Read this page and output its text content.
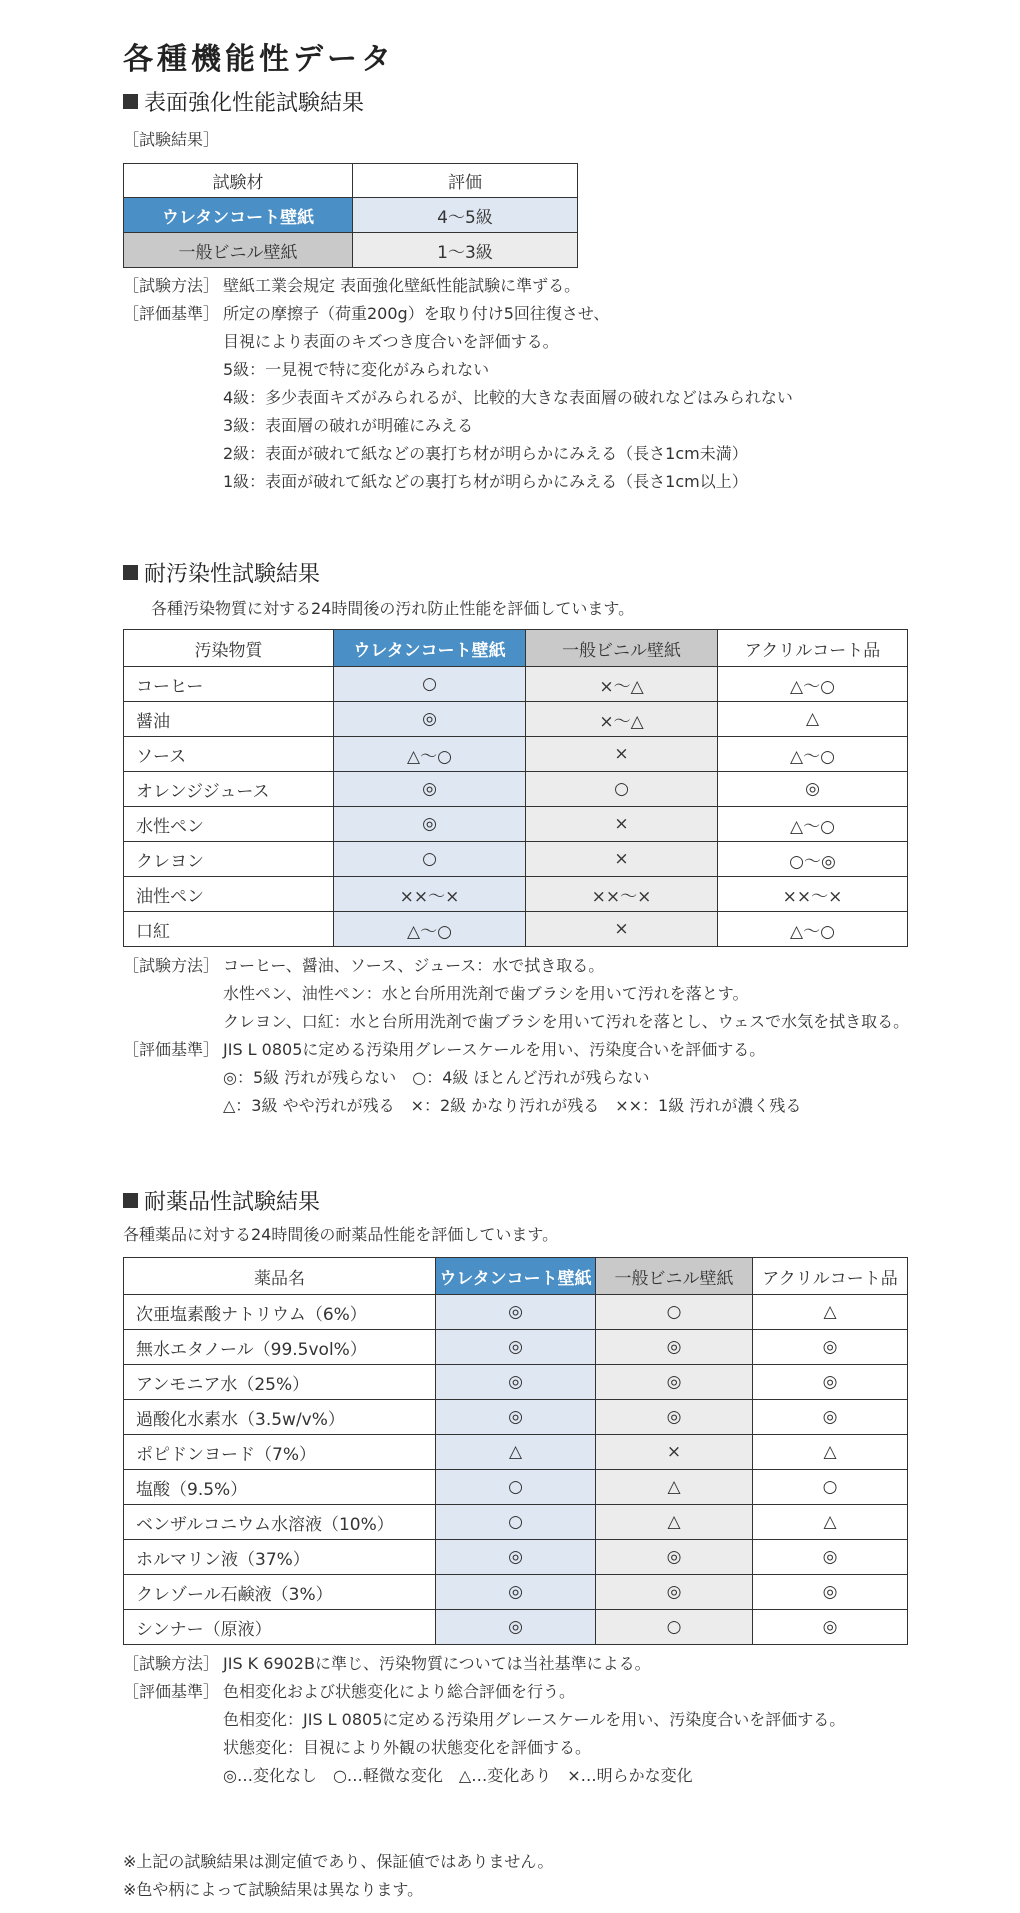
各種機能性データ
表面強化性能試験結果
［試験結果］
試験材	評価
ウレタンコート壁紙	4～5級
一般ビニル壁紙	1～3級
［試験方法］ 壁紙工業会規定 表面強化壁紙性能試験に準ずる。
［評価基準］ 所定の摩擦子（荷重200g）を取り付け5回往復させ、
目視により表面のキズつき度合いを評価する。
5級：一見視で特に変化がみられない
4級：多少表面キズがみられるが、比較的大きな表面層の破れなどはみられない
3級：表面層の破れが明確にみえる
2級：表面が破れて紙などの裏打ち材が明らかにみえる（長さ1cm未満）
1級：表面が破れて紙などの裏打ち材が明らかにみえる（長さ1cm以上）
耐汚染性試験結果
各種汚染物質に対する24時間後の汚れ防止性能を評価しています。
汚染物質	ウレタンコート壁紙	一般ビニル壁紙	アクリルコート品
コーヒー	○	×～△	△～○
醤油	◎	×～△	△
ソース	△～○	×	△～○
オレンジジュース	◎	○	◎
水性ペン	◎	×	△～○
クレヨン	○	×	○～◎
油性ペン	××～×	××～×	××～×
口紅	△～○	×	△～○
［試験方法］ コーヒー、醤油、ソース、ジュース：水で拭き取る。
水性ペン、油性ペン：水と台所用洗剤で歯ブラシを用いて汚れを落とす。
クレヨン、口紅：水と台所用洗剤で歯ブラシを用いて汚れを落とし、ウェスで水気を拭き取る。
［評価基準］ JIS L 0805に定める汚染用グレースケールを用い、汚染度合いを評価する。
◎：5級 汚れが残らない　○：4級 ほとんど汚れが残らない
△：3級 やや汚れが残る　×：2級 かなり汚れが残る　××：1級 汚れが濃く残る
耐薬品性試験結果
各種薬品に対する24時間後の耐薬品性能を評価しています。
薬品名	ウレタンコート壁紙	一般ビニル壁紙	アクリルコート品
次亜塩素酸ナトリウム（6%）	◎	○	△
無水エタノール（99.5vol%）	◎	◎	◎
アンモニア水（25%）	◎	◎	◎
過酸化水素水（3.5w/v%）	◎	◎	◎
ポピドンヨード（7%）	△	×	△
塩酸（9.5%）	○	△	○
ベンザルコニウム水溶液（10%）	○	△	△
ホルマリン液（37%）	◎	◎	◎
クレゾール石鹸液（3%）	◎	◎	◎
シンナー（原液）	◎	○	◎
［試験方法］ JIS K 6902Bに準じ、汚染物質については当社基準による。
［評価基準］ 色相変化および状態変化により総合評価を行う。
色相変化：JIS L 0805に定める汚染用グレースケールを用い、汚染度合いを評価する。
状態変化：目視により外観の状態変化を評価する。
◎…変化なし　○…軽微な変化　△…変化あり　×…明らかな変化
※上記の試験結果は測定値であり、保証値ではありません。
※色や柄によって試験結果は異なります。
